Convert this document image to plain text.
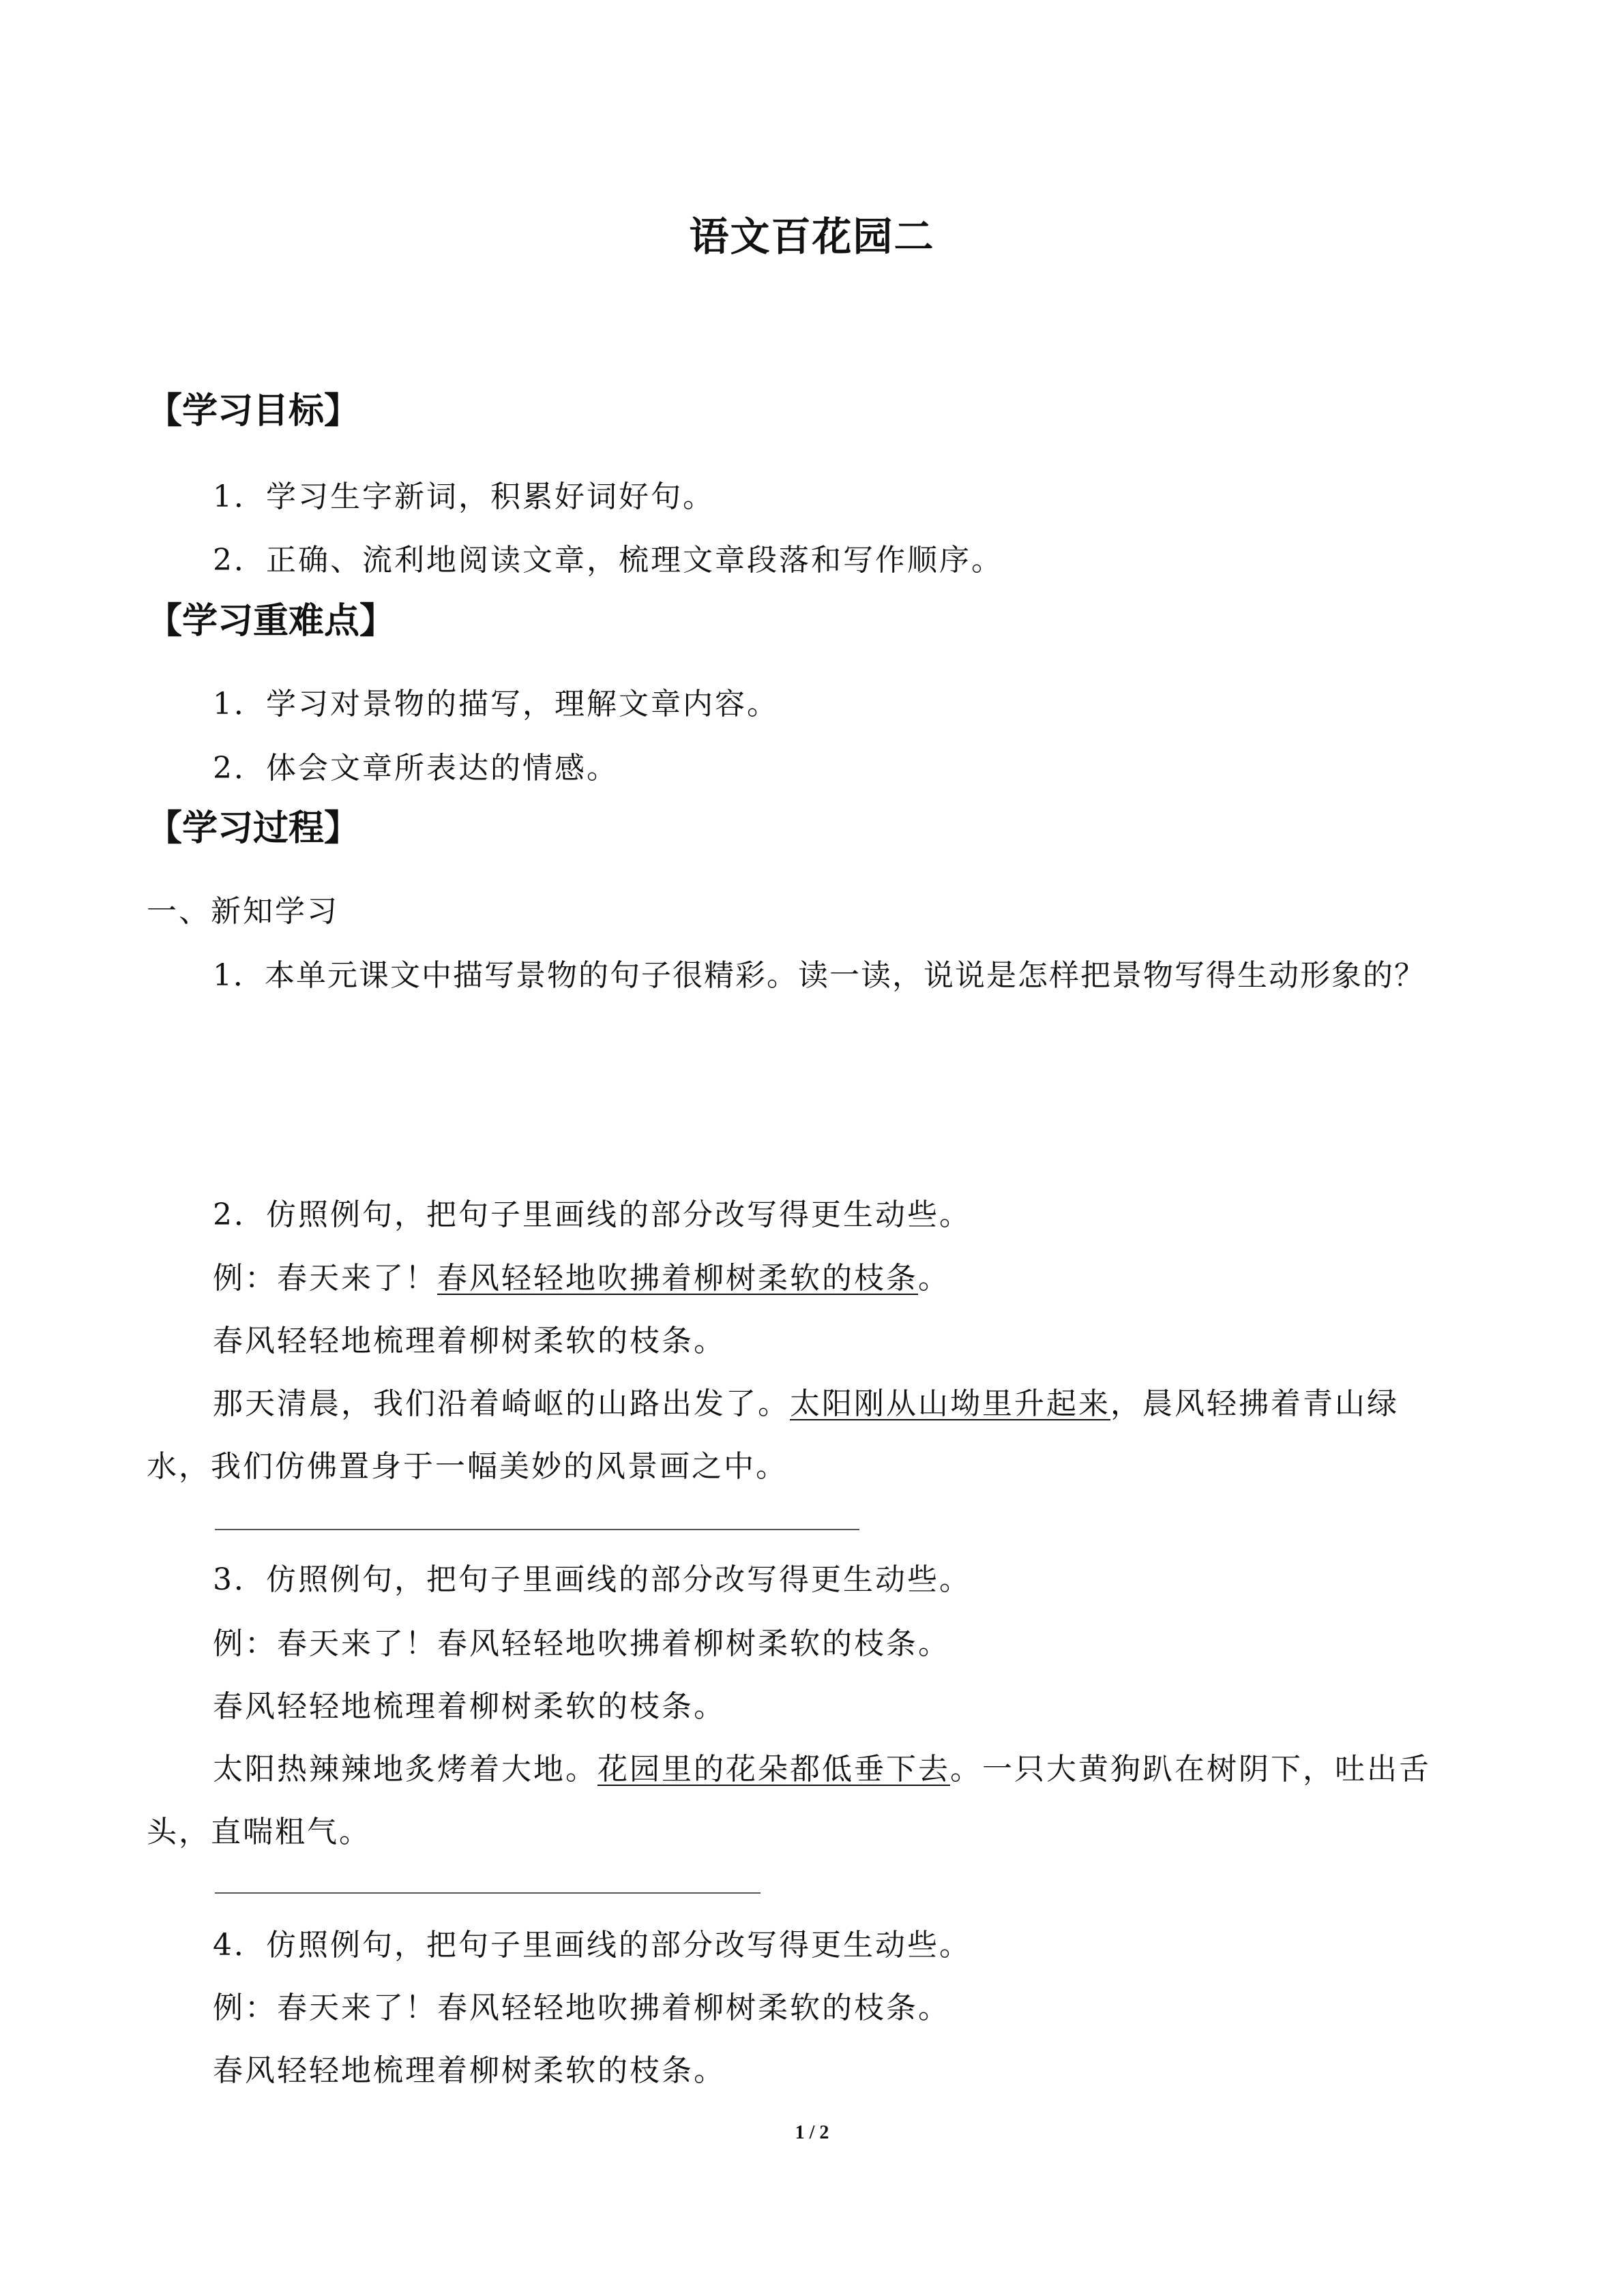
语文百花园二
【学习目标】
1．学习生字新词，积累好词好句。
2．正确、流利地阅读文章，梳理文章段落和写作顺序。
【学习重难点】
1．学习对景物的描写，理解文章内容。
2．体会文章所表达的情感。
【学习过程】
一、新知学习
1．本单元课文中描写景物的句子很精彩。读一读，说说是怎样把景物写得生动形象的？
2．仿照例句，把句子里画线的部分改写得更生动些。
例：春天来了！春风轻轻地吹拂着柳树柔软的枝条。
春风轻轻地梳理着柳树柔软的枝条。
那天清晨，我们沿着崎岖的山路出发了。太阳刚从山坳里升起来，晨风轻拂着青山绿
水，我们仿佛置身于一幅美妙的风景画之中。
3．仿照例句，把句子里画线的部分改写得更生动些。
例：春天来了！春风轻轻地吹拂着柳树柔软的枝条。
春风轻轻地梳理着柳树柔软的枝条。
太阳热辣辣地炙烤着大地。花园里的花朵都低垂下去。一只大黄狗趴在树阴下，吐出舌
头，直喘粗气。
4．仿照例句，把句子里画线的部分改写得更生动些。
例：春天来了！春风轻轻地吹拂着柳树柔软的枝条。
春风轻轻地梳理着柳树柔软的枝条。
1 / 2
